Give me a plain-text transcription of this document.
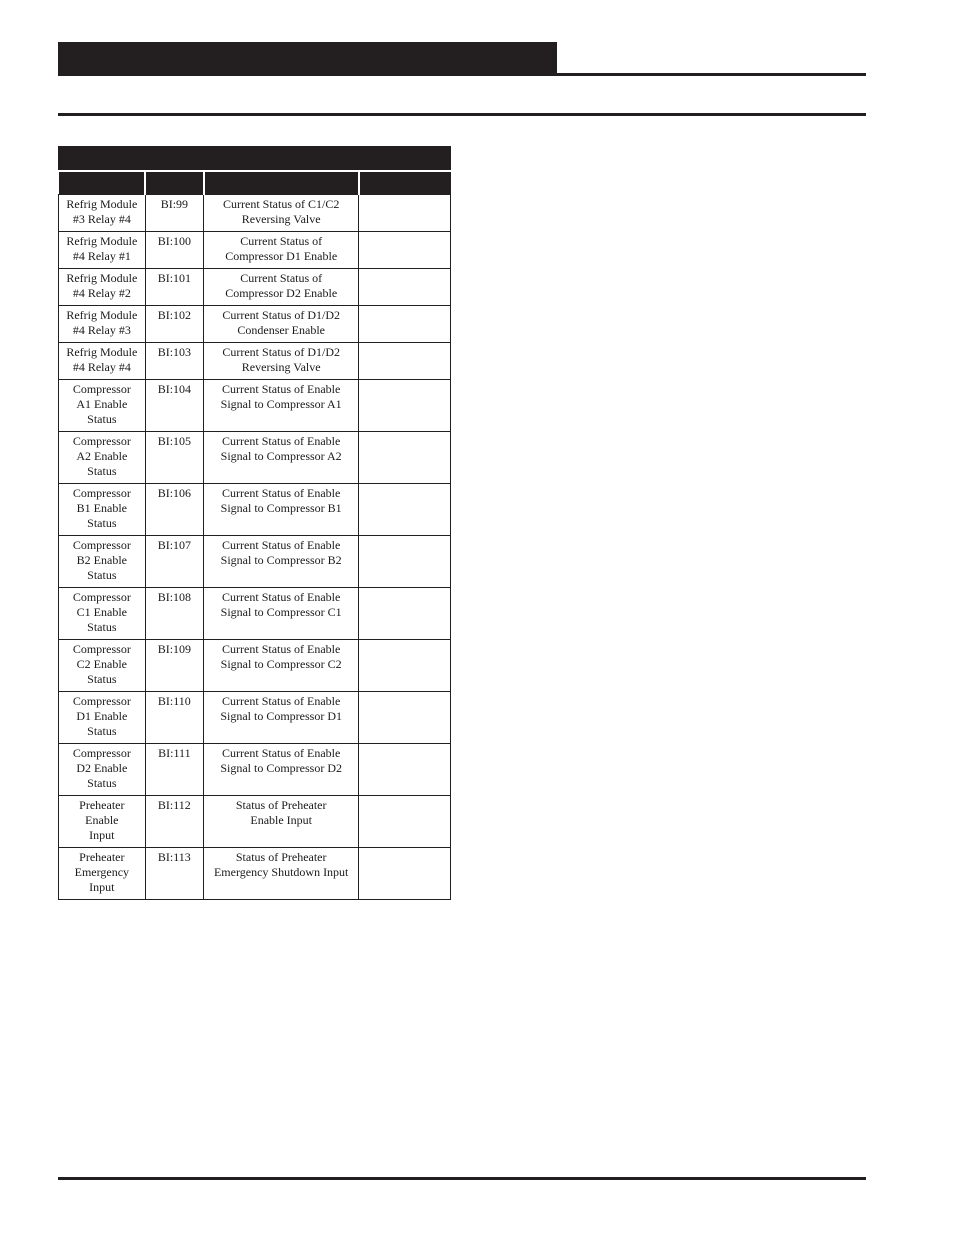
Refrig Module
#3 Relay #4	BI:99	Current Status of C1/C2
Reversing Valve	

Refrig Module
#4 Relay #1	BI:100	Current Status of
Compressor D1 Enable	

Refrig Module
#4 Relay #2	BI:101	Current Status of
Compressor D2 Enable	

Refrig Module
#4 Relay #3	BI:102	Current Status of D1/D2
Condenser Enable	

Refrig Module
#4 Relay #4	BI:103	Current Status of D1/D2
Reversing Valve	

Compressor
A1 Enable
Status	BI:104	Current Status of Enable
Signal to Compressor A1	

Compressor
A2 Enable
Status	BI:105	Current Status of Enable
Signal to Compressor A2	

Compressor
B1 Enable
Status	BI:106	Current Status of Enable
Signal to Compressor B1	

Compressor
B2 Enable
Status	BI:107	Current Status of Enable
Signal to Compressor B2	

Compressor
C1 Enable
Status	BI:108	Current Status of Enable
Signal to Compressor C1	

Compressor
C2 Enable
Status	BI:109	Current Status of Enable
Signal to Compressor C2	

Compressor
D1 Enable
Status	BI:110	Current Status of Enable
Signal to Compressor D1	

Compressor
D2 Enable
Status	BI:111	Current Status of Enable
Signal to Compressor D2	

Preheater
Enable
Input	BI:112	Status of Preheater
Enable Input	

Preheater
Emergency
Input	BI:113	Status of Preheater
Emergency Shutdown Input	
